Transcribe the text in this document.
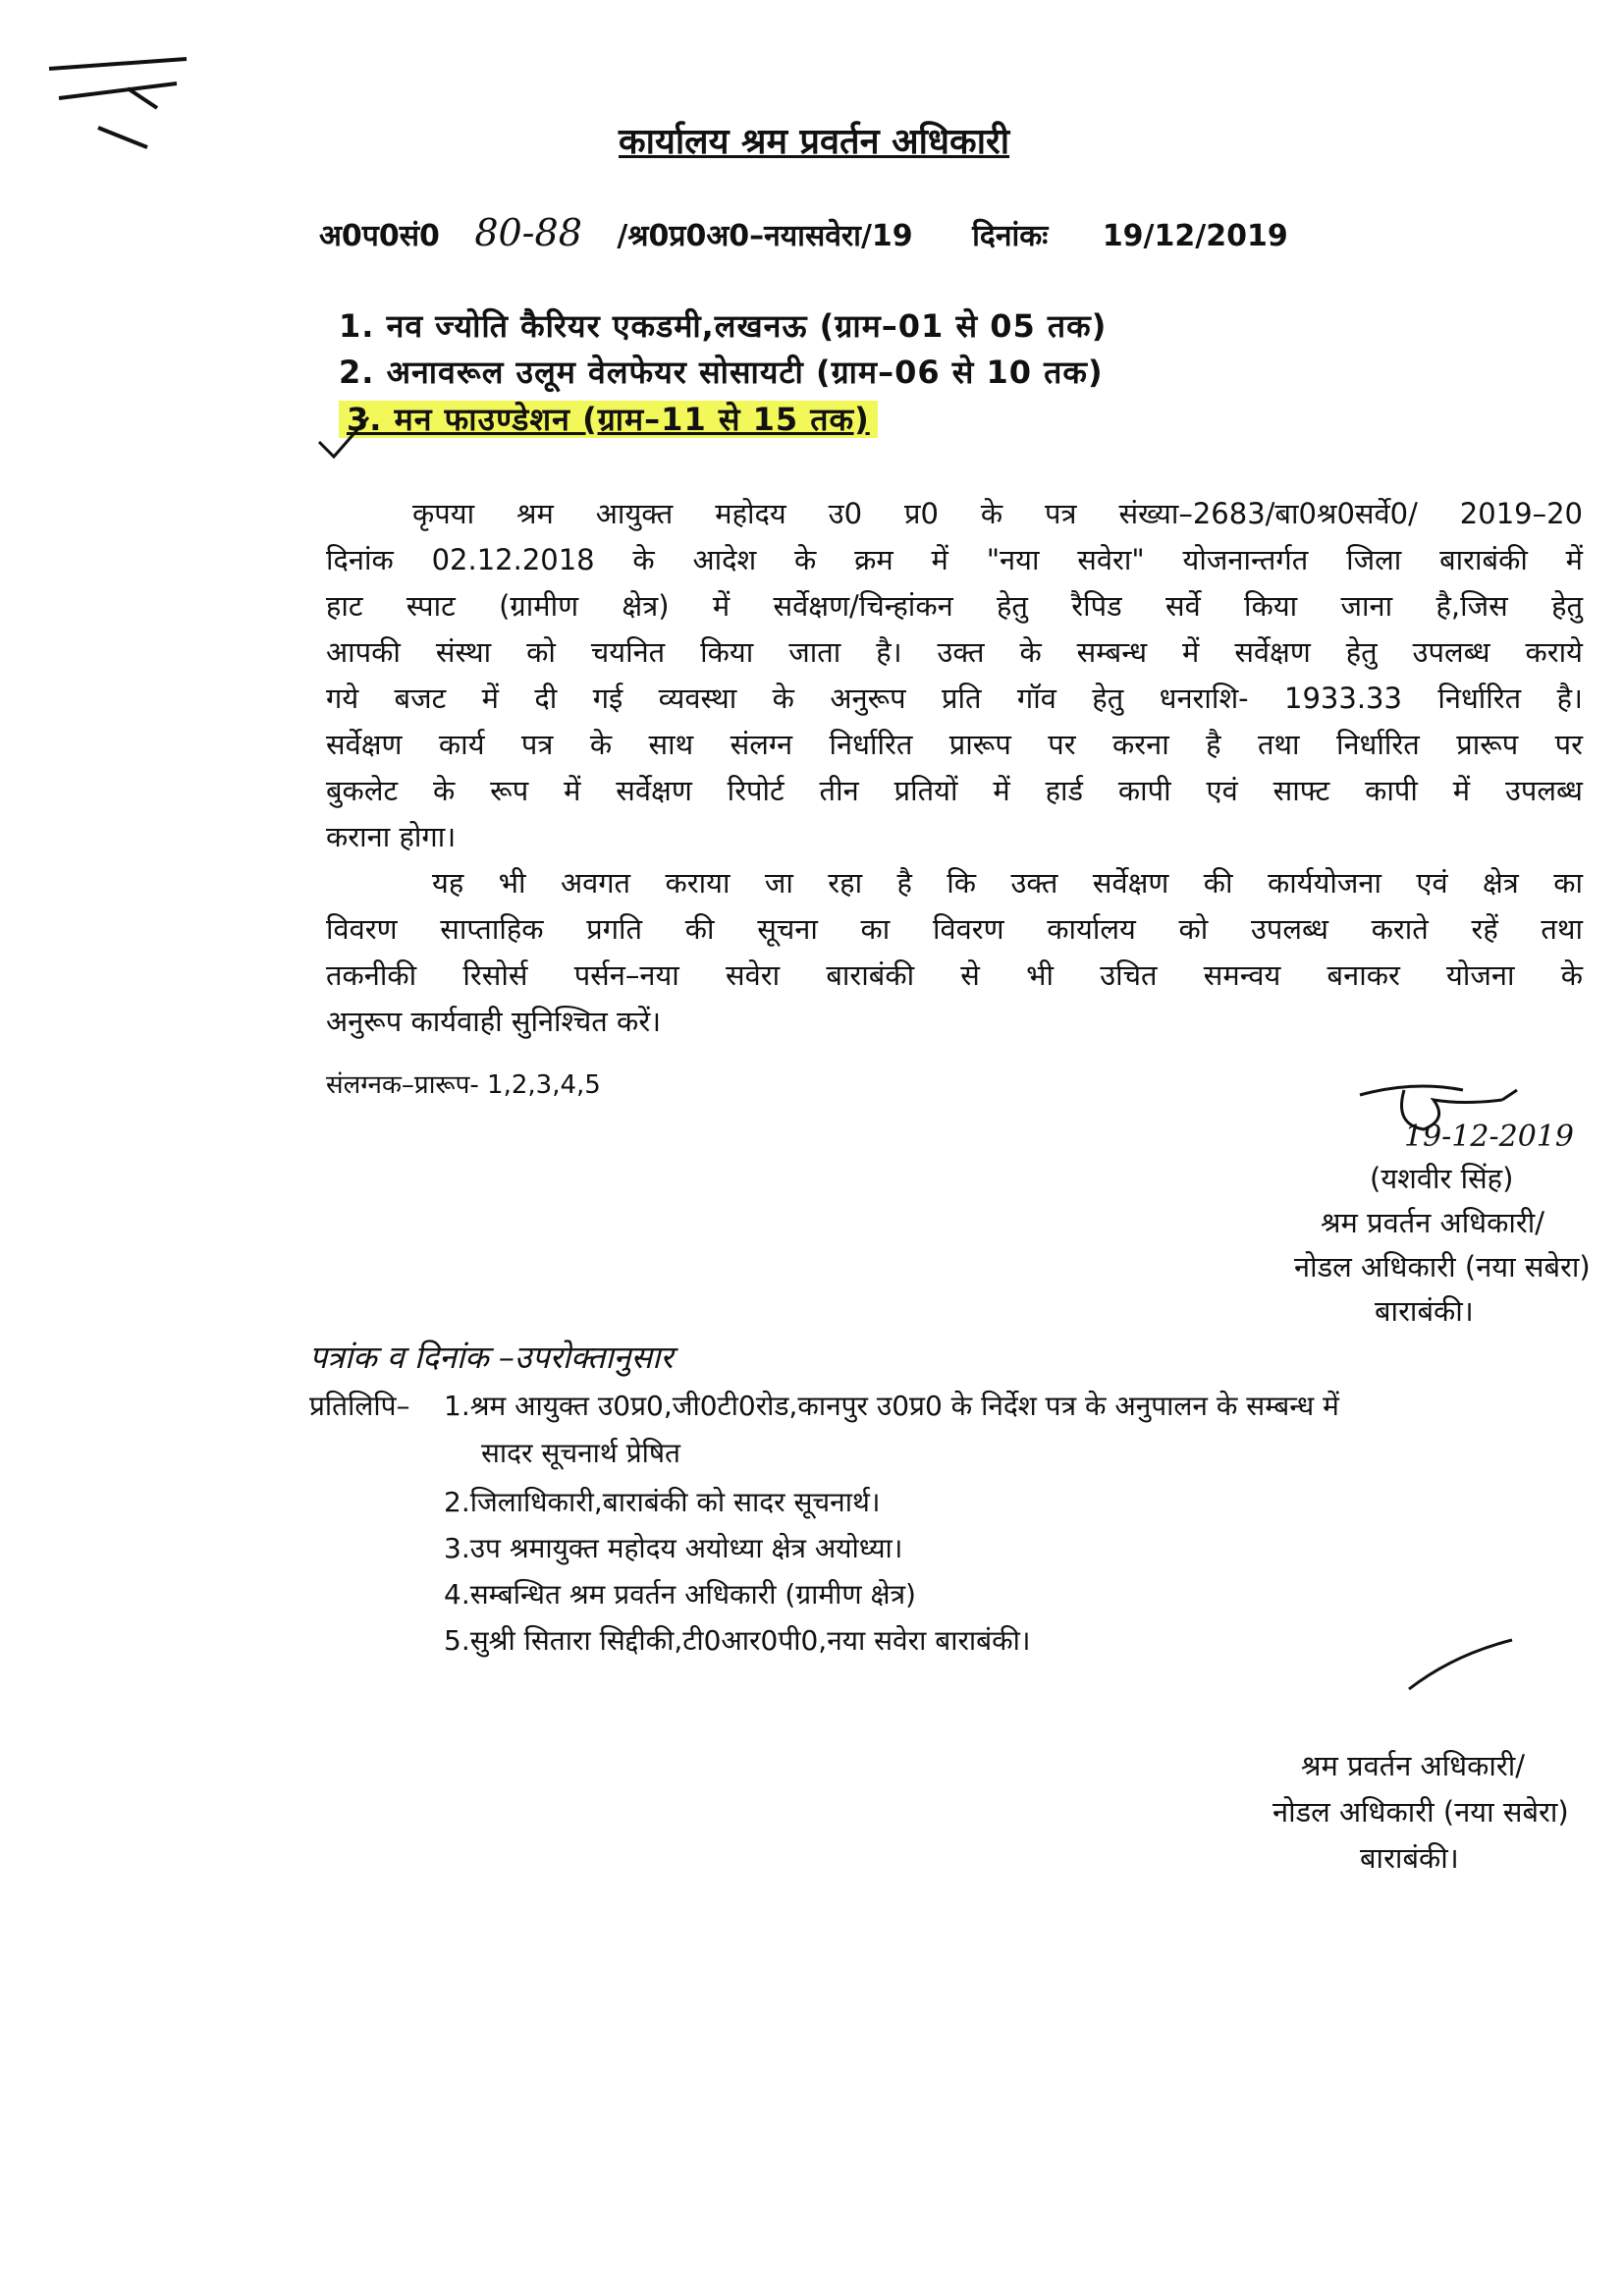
कार्यालय श्रम प्रवर्तन अधिकारी
अ0प0सं0 80-88 /श्र0प्र0अ0–नयासवेरा/19 दिनांकः 19/12/2019
1. नव ज्योति कैरियर एकडमी,लखनऊ (ग्राम–01 से 05 तक)
2. अनावरूल उलूम वेलफेयर सोसायटी (ग्राम–06 से 10 तक)
3. मन फाउण्डेशन (ग्राम–11 से 15 तक)
कृपया श्रम आयुक्त महोदय उ0 प्र0 के पत्र संख्या–2683/बा0श्र0सर्वे0/ 2019–20
दिनांक 02.12.2018 के आदेश के क्रम में "नया सवेरा" योजनान्तर्गत जिला बाराबंकी में
हाट स्पाट (ग्रामीण क्षेत्र) में सर्वेक्षण/चिन्हांकन हेतु रैपिड सर्वे किया जाना है,जिस हेतु
आपकी संस्था को चयनित किया जाता है। उक्त के सम्बन्ध में सर्वेक्षण हेतु उपलब्ध कराये
गये बजट में दी गई व्यवस्था के अनुरूप प्रति गॉव हेतु धनराशि- 1933.33 निर्धारित है।
सर्वेक्षण कार्य पत्र के साथ संलग्न निर्धारित प्रारूप पर करना है तथा निर्धारित प्रारूप पर
बुकलेट के रूप में सर्वेक्षण रिपोर्ट तीन प्रतियों में हार्ड कापी एवं साफ्ट कापी में उपलब्ध
कराना होगा।
यह भी अवगत कराया जा रहा है कि उक्त सर्वेक्षण की कार्ययोजना एवं क्षेत्र का
विवरण साप्ताहिक प्रगति की सूचना का विवरण कार्यालय को उपलब्ध कराते रहें तथा
तकनीकी रिसोर्स पर्सन–नया सवेरा बाराबंकी से भी उचित समन्वय बनाकर योजना के
अनुरूप कार्यवाही सुनिश्चित करें।
संलग्नक–प्रारूप- 1,2,3,4,5
19-12-2019
(यशवीर सिंह)
श्रम प्रवर्तन अधिकारी/
नोडल अधिकारी (नया सबेरा)
बाराबंकी।
पत्रांक व दिनांक –उपरोक्तानुसार
प्रतिलिपि– 1.श्रम आयुक्त उ0प्र0,जी0टी0रोड,कानपुर उ0प्र0 के निर्देश पत्र के अनुपालन के सम्बन्ध में
सादर सूचनार्थ प्रेषित
2.जिलाधिकारी,बाराबंकी को सादर सूचनार्थ।
3.उप श्रमायुक्त महोदय अयोध्या क्षेत्र अयोध्या।
4.सम्बन्धित श्रम प्रवर्तन अधिकारी (ग्रामीण क्षेत्र)
5.सुश्री सितारा सिद्दीकी,टी0आर0पी0,नया सवेरा बाराबंकी।
श्रम प्रवर्तन अधिकारी/
नोडल अधिकारी (नया सबेरा)
बाराबंकी।
